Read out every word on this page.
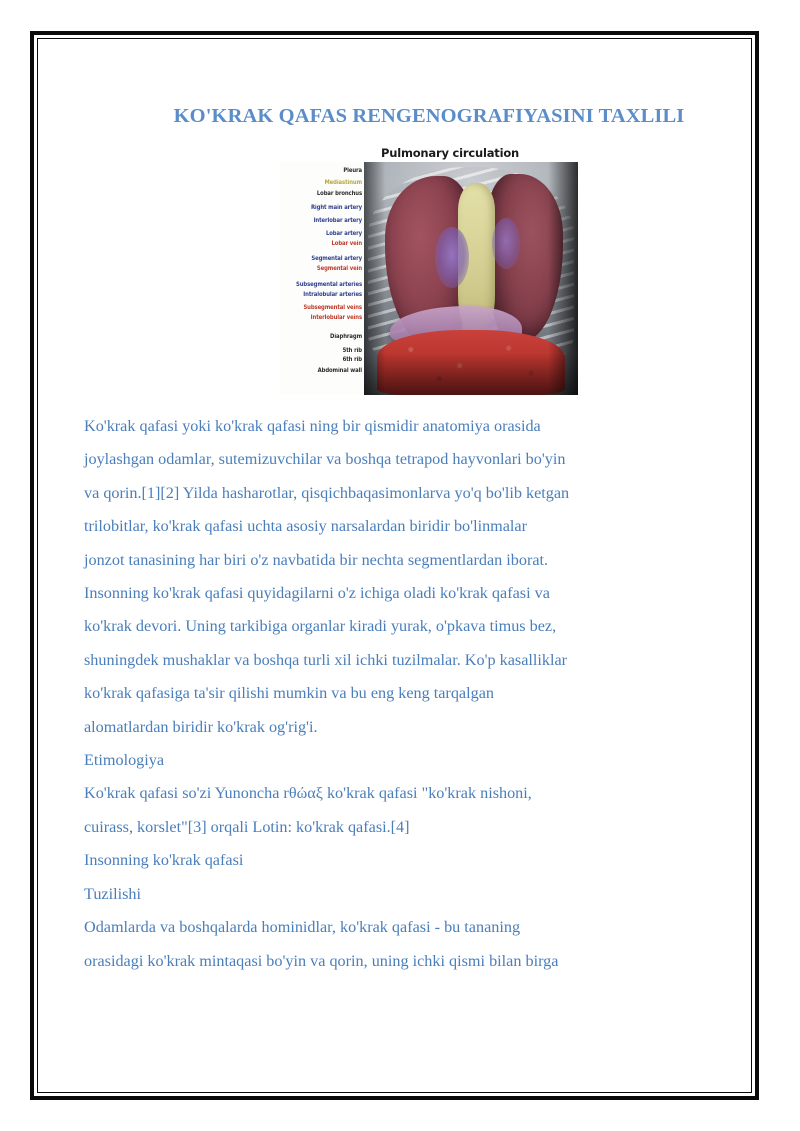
KO'KRAK QAFAS RENGENOGRAFIYASINI TAXLILI
Pulmonary circulation
Pleura
Mediastinum
Lobar bronchus
Right main artery
Interlobar artery
Lobar artery
Lobar vein
Segmental artery
Segmental vein
Subsegmental arteries
Intralobular arteries
Subsegmental veins
Interlobular veins
Diaphragm
5th rib
6th rib
Abdominal wall

Ko'krak qafasi yoki ko'krak qafasi ning bir qismidir anatomiya orasida
joylashgan odamlar, sutemizuvchilar va boshqa tetrapod hayvonlari bo'yin
va qorin.[1][2] Yilda hasharotlar, qisqichbaqasimonlarva yo'q bo'lib ketgan
trilobitlar, ko'krak qafasi uchta asosiy narsalardan biridir bo'linmalar
jonzot tanasining har biri o'z navbatida bir nechta segmentlardan iborat.
Insonning ko'krak qafasi quyidagilarni o'z ichiga oladi ko'krak qafasi va
ko'krak devori. Uning tarkibiga organlar kiradi yurak, o'pkava timus bez,
shuningdek mushaklar va boshqa turli xil ichki tuzilmalar. Ko'p kasalliklar
ko'krak qafasiga ta'sir qilishi mumkin va bu eng keng tarqalgan
alomatlardan biridir ko'krak og'rig'i.

Etimologiya

Ko'krak qafasi so'zi Yunoncha rθώαξ ko'krak qafasi "ko'krak nishoni,
cuirass, korslet"[3] orqali Lotin: ko'krak qafasi.[4]

Insonning ko'krak qafasi

Tuzilishi

Odamlarda va boshqalarda hominidlar, ko'krak qafasi - bu tananing
orasidagi ko'krak mintaqasi bo'yin va qorin, uning ichki qismi bilan birga
